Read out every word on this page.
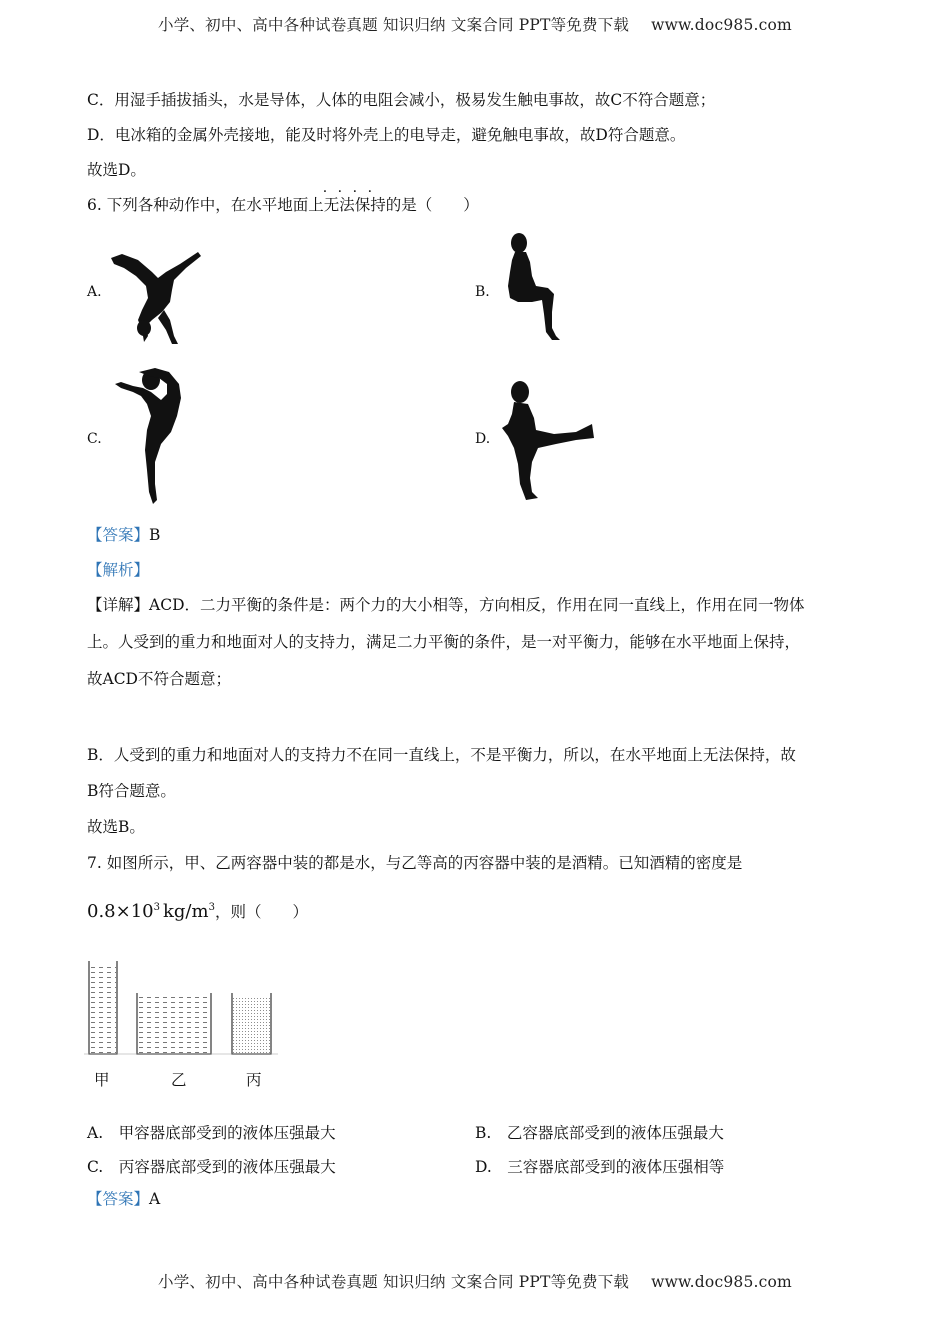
小学、初中、高中各种试卷真题 知识归纳 文案合同 PPT等免费下载 www.doc985.com
C．用湿手插拔插头，水是导体，人体的电阻会减小，极易发生触电事故，故C不符合题意；
D．电冰箱的金属外壳接地，能及时将外壳上的电导走，避免触电事故，故D符合题意。
故选D。
6. 下列各种动作中，在水平地面上
····
无法保持的是（　　）
A.	B.
C.	D.
【答案】B
【解析】
【详解】ACD．二力平衡的条件是：两个力的大小相等，方向相反，作用在同一直线上，作用在同一物体
上。人受到的重力和地面对人的支持力，满足二力平衡的条件，是一对平衡力，能够在水平地面上保持，
故ACD不符合题意；
B．人受到的重力和地面对人的支持力不在同一直线上，不是平衡力，所以，在水平地面上无法保持，故
B符合题意。
故选B。
7. 如图所示，甲、乙两容器中装的都是水，与乙等高的丙容器中装的是酒精。已知酒精的密度是
$0.8\times 10^3$ $kg/m^3$，则（　　）
甲	乙	丙
A.　甲容器底部受到的液体压强最大	B.　乙容器底部受到的液体压强最大
C.　丙容器底部受到的液体压强最大	D.　三容器底部受到的液体压强相等
【答案】A
小学、初中、高中各种试卷真题 知识归纳 文案合同 PPT等免费下载 www.doc985.com
